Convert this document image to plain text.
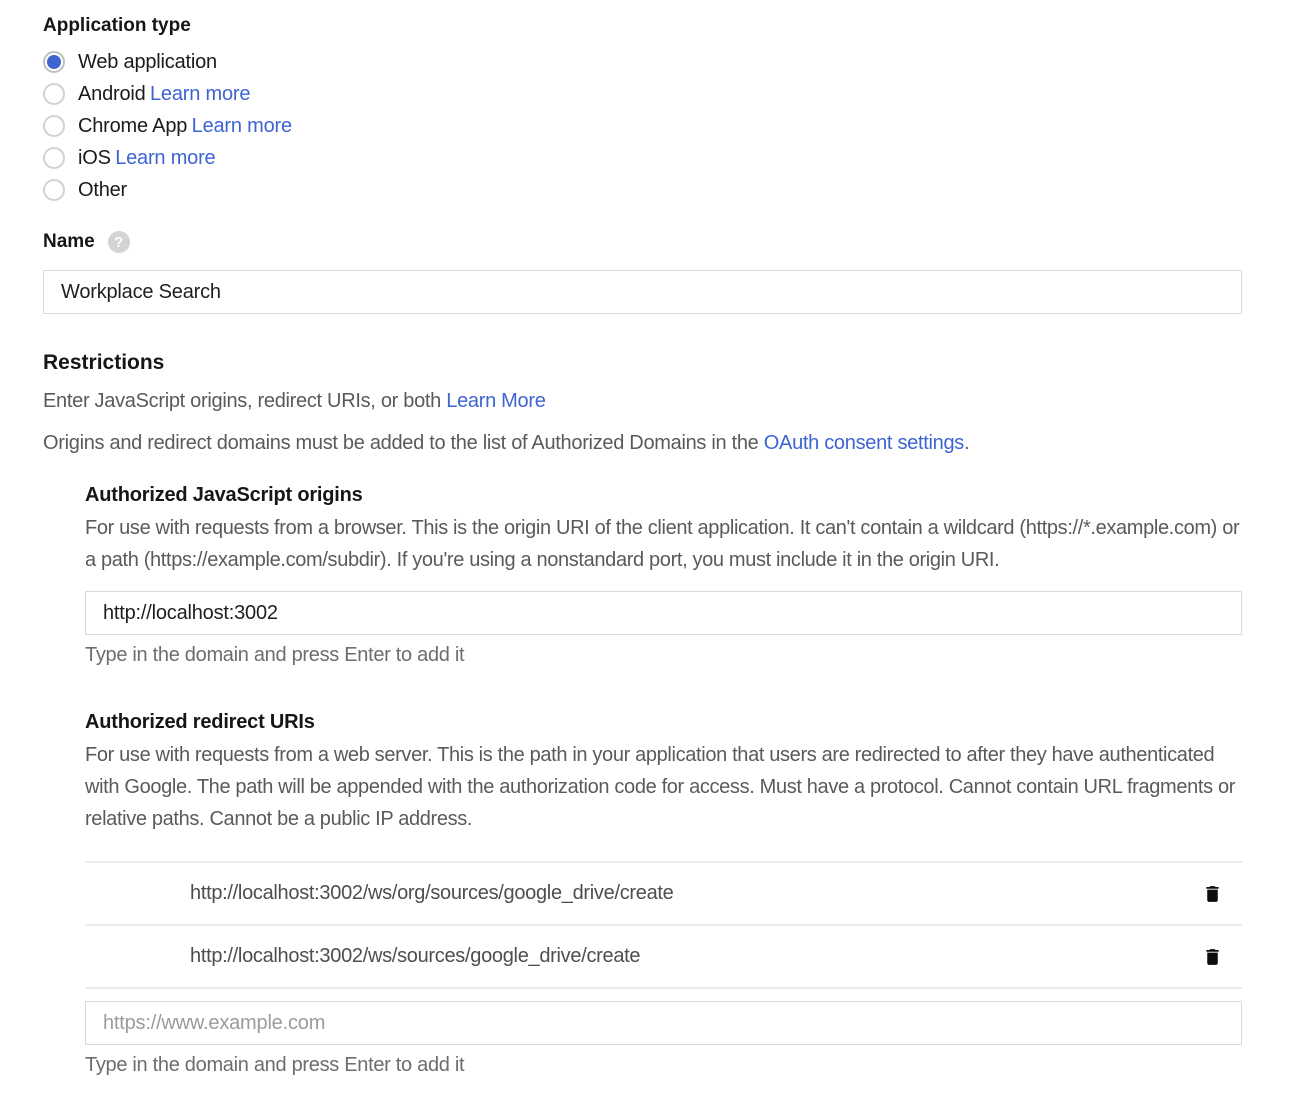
Application type
Web application
Android
Learn more
Chrome App
Learn more
iOS
Learn more
Other
Name	?
Workplace Search
Restrictions
Enter JavaScript origins, redirect URIs, or both Learn More
Origins and redirect domains must be added to the list of Authorized Domains in the OAuth consent settings.
Authorized JavaScript origins
For use with requests from a browser. This is the origin URI of the client application. It can't contain a wildcard (https://*.example.com) or a path (https://example.com/subdir). If you're using a nonstandard port, you must include it in the origin URI.
http://localhost:3002
Type in the domain and press Enter to add it
Authorized redirect URIs
For use with requests from a web server. This is the path in your application that users are redirected to after they have authenticated with Google. The path will be appended with the authorization code for access. Must have a protocol. Cannot contain URL fragments or relative paths. Cannot be a public IP address.
http://localhost:3002/ws/org/sources/google_drive/create
http://localhost:3002/ws/sources/google_drive/create
https://www.example.com
Type in the domain and press Enter to add it
